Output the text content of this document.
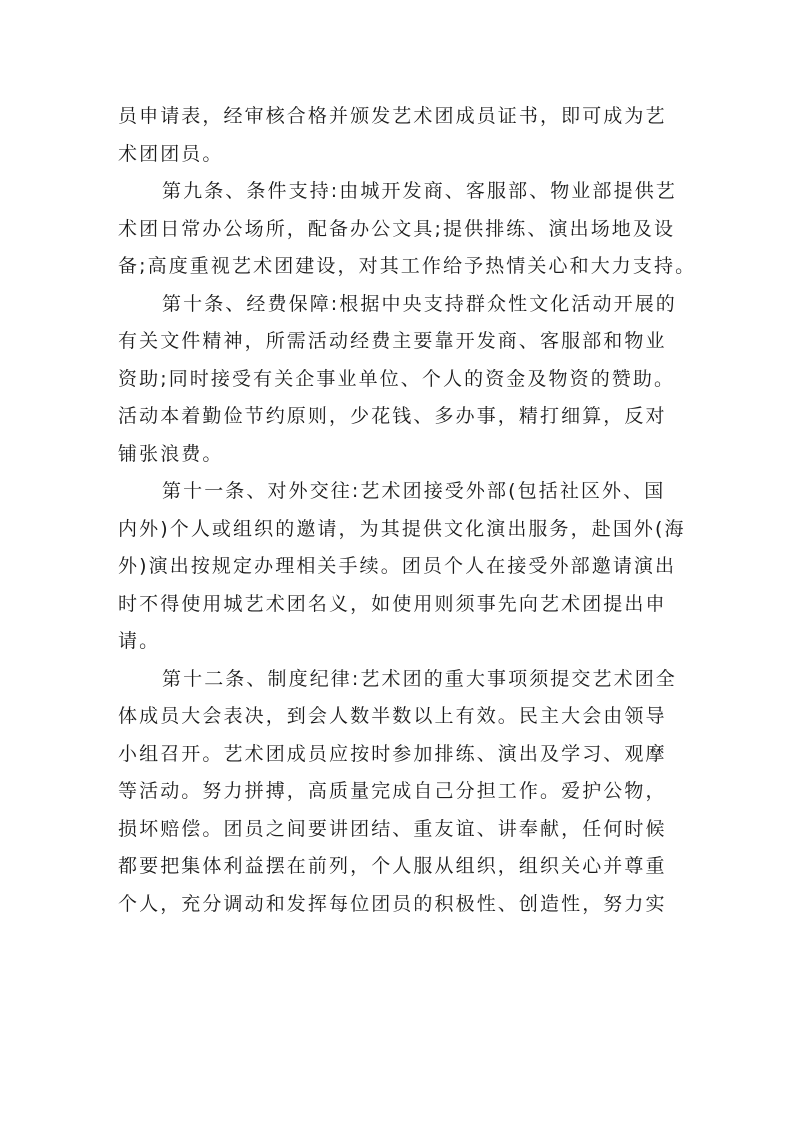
员申请表，经审核合格并颁发艺术团成员证书，即可成为艺
术团团员。
第九条、条件支持:由城开发商、客服部、物业部提供艺
术团日常办公场所，配备办公文具;提供排练、演出场地及设
备;高度重视艺术团建设，对其工作给予热情关心和大力支持。
第十条、经费保障:根据中央支持群众性文化活动开展的
有关文件精神，所需活动经费主要靠开发商、客服部和物业
资助;同时接受有关企事业单位、个人的资金及物资的赞助。
活动本着勤俭节约原则，少花钱、多办事，精打细算，反对
铺张浪费。
第十一条、对外交往:艺术团接受外部(包括社区外、国
内外)个人或组织的邀请，为其提供文化演出服务，赴国外(海
外)演出按规定办理相关手续。团员个人在接受外部邀请演出
时不得使用城艺术团名义，如使用则须事先向艺术团提出申
请。
第十二条、制度纪律:艺术团的重大事项须提交艺术团全
体成员大会表决，到会人数半数以上有效。民主大会由领导
小组召开。艺术团成员应按时参加排练、演出及学习、观摩
等活动。努力拼搏，高质量完成自己分担工作。爱护公物，
损坏赔偿。团员之间要讲团结、重友谊、讲奉献，任何时候
都要把集体利益摆在前列，个人服从组织，组织关心并尊重
个人，充分调动和发挥每位团员的积极性、创造性，努力实
